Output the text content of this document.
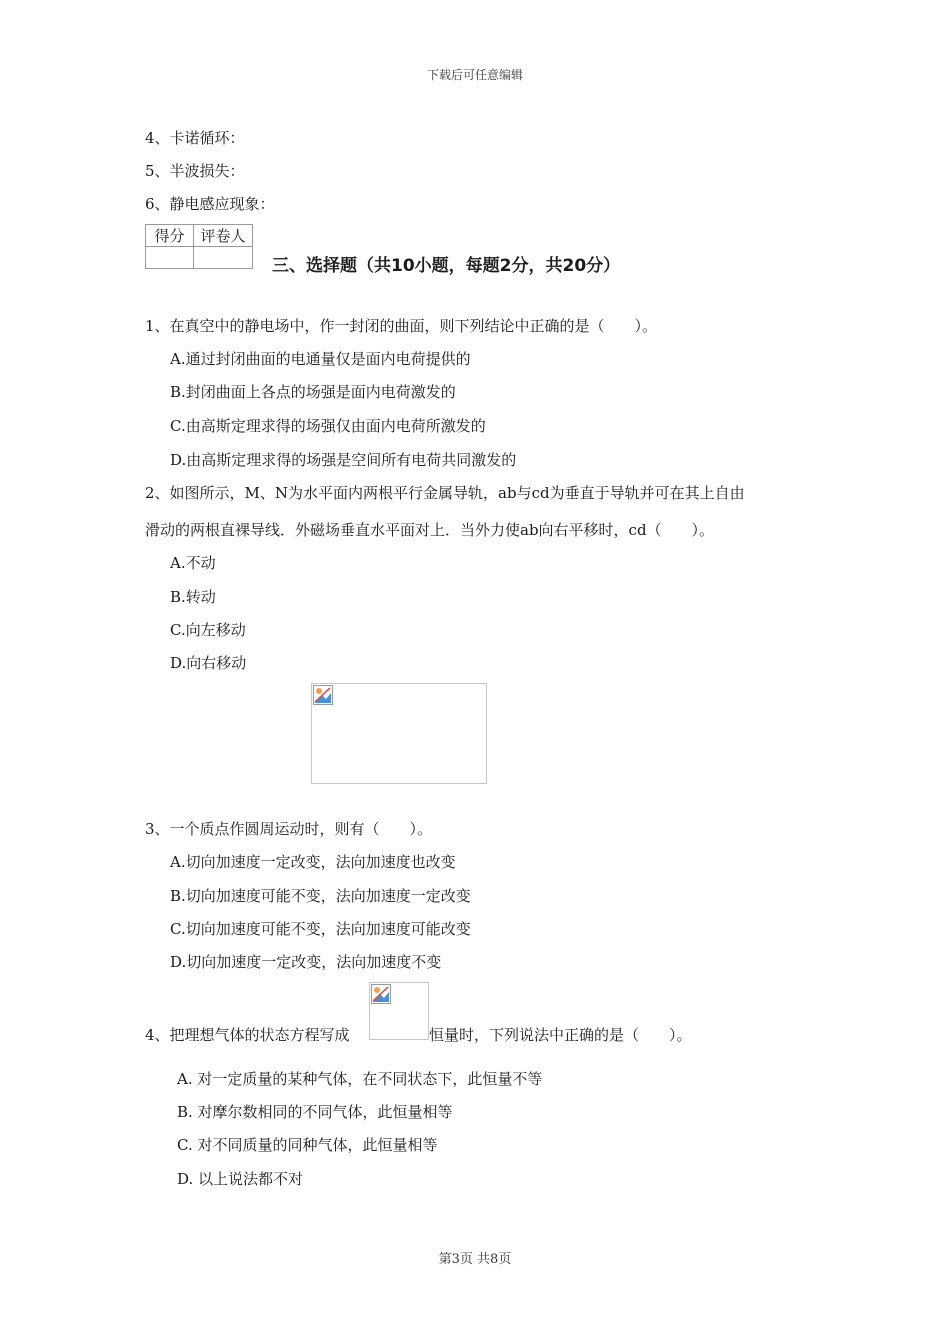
下载后可任意编辑
4、卡诺循环：
5、半波损失：
6、静电感应现象：
得分	评卷人

三、选择题（共10小题，每题2分，共20分）
1、在真空中的静电场中，作一封闭的曲面，则下列结论中正确的是（　　）。
A.通过封闭曲面的电通量仅是面内电荷提供的
B.封闭曲面上各点的场强是面内电荷激发的
C.由高斯定理求得的场强仅由面内电荷所激发的
D.由高斯定理求得的场强是空间所有电荷共同激发的
2、如图所示，M、N为水平面内两根平行金属导轨，ab与cd为垂直于导轨并可在其上自由
滑动的两根直裸导线．外磁场垂直水平面对上．当外力使ab向右平移时，cd（　　）。
A.不动
B.转动
C.向左移动
D.向右移动
3、一个质点作圆周运动时，则有（　　）。
A.切向加速度一定改变，法向加速度也改变
B.切向加速度可能不变，法向加速度一定改变
C.切向加速度可能不变，法向加速度可能改变
D.切向加速度一定改变，法向加速度不变
4、把理想气体的状态方程写成	恒量时，下列说法中正确的是（　　）。
A. 对一定质量的某种气体，在不同状态下，此恒量不等
B. 对摩尔数相同的不同气体，此恒量相等
C. 对不同质量的同种气体，此恒量相等
D. 以上说法都不对
第3页 共8页
